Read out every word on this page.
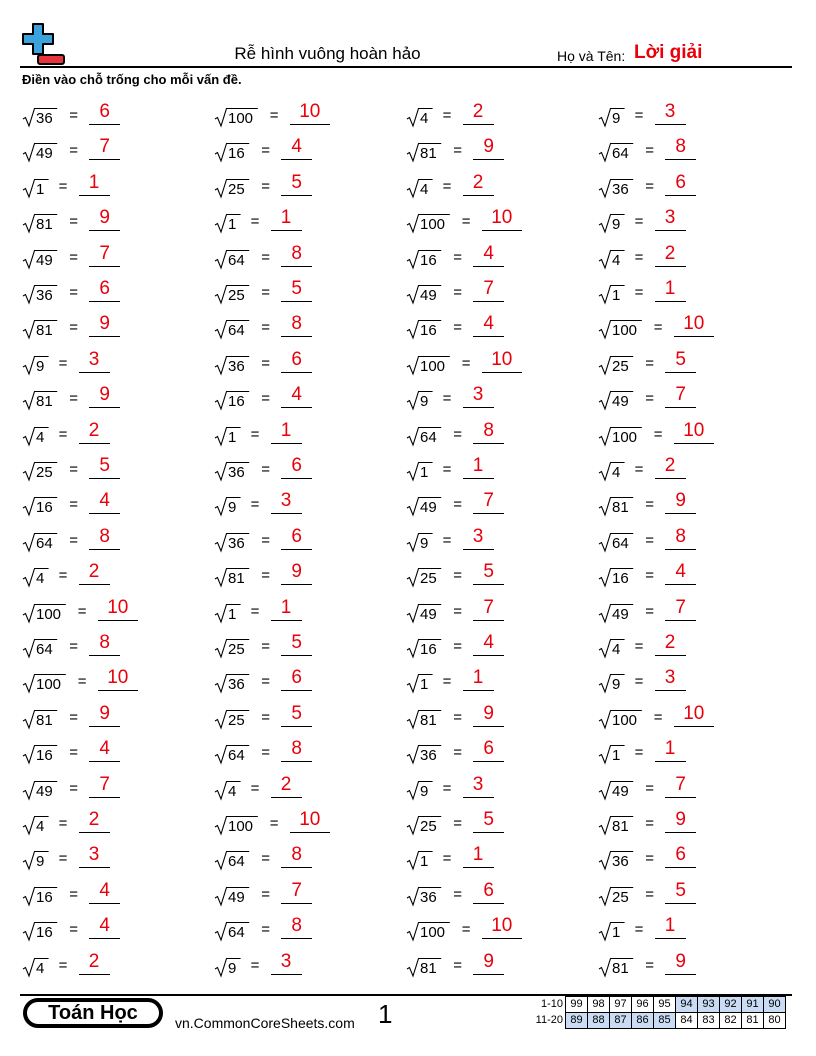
Rễ hình vuông hoàn hảo	Họ và Tên: Lời giải
Điền vào chỗ trống cho mỗi vấn đề.
36 =	6
49 =	7
1 =	1
81 =	9
49 =	7
36 =	6
81 =	9
9 =	3
81 =	9
4 =	2
25 =	5
16 =	4
64 =	8
4 =	2
100 =	10
64 =	8
100 =	10
81 =	9
16 =	4
49 =	7
4 =	2
9 =	3
16 =	4
16 =	4
4 =	2
100 =	10
16 =	4
25 =	5
1 =	1
64 =	8
25 =	5
64 =	8
36 =	6
16 =	4
1 =	1
36 =	6
9 =	3
36 =	6
81 =	9
1 =	1
25 =	5
36 =	6
25 =	5
64 =	8
4 =	2
100 =	10
64 =	8
49 =	7
64 =	8
9 =	3
4 =	2
81 =	9
4 =	2
100 =	10
16 =	4
49 =	7
16 =	4
100 =	10
9 =	3
64 =	8
1 =	1
49 =	7
9 =	3
25 =	5
49 =	7
16 =	4
1 =	1
81 =	9
36 =	6
9 =	3
25 =	5
1 =	1
36 =	6
100 =	10
81 =	9
9 =	3
64 =	8
36 =	6
9 =	3
4 =	2
1 =	1
100 =	10
25 =	5
49 =	7
100 =	10
4 =	2
81 =	9
64 =	8
16 =	4
49 =	7
4 =	2
9 =	3
100 =	10
1 =	1
49 =	7
81 =	9
36 =	6
25 =	5
1 =	1
81 =	9
Toán Học	vn.CommonCoreSheets.com 1	1-10	99	98	97	96	95	94	93	92	91	90
11-20	89	88	87	86	85	84	83	82	81	80
